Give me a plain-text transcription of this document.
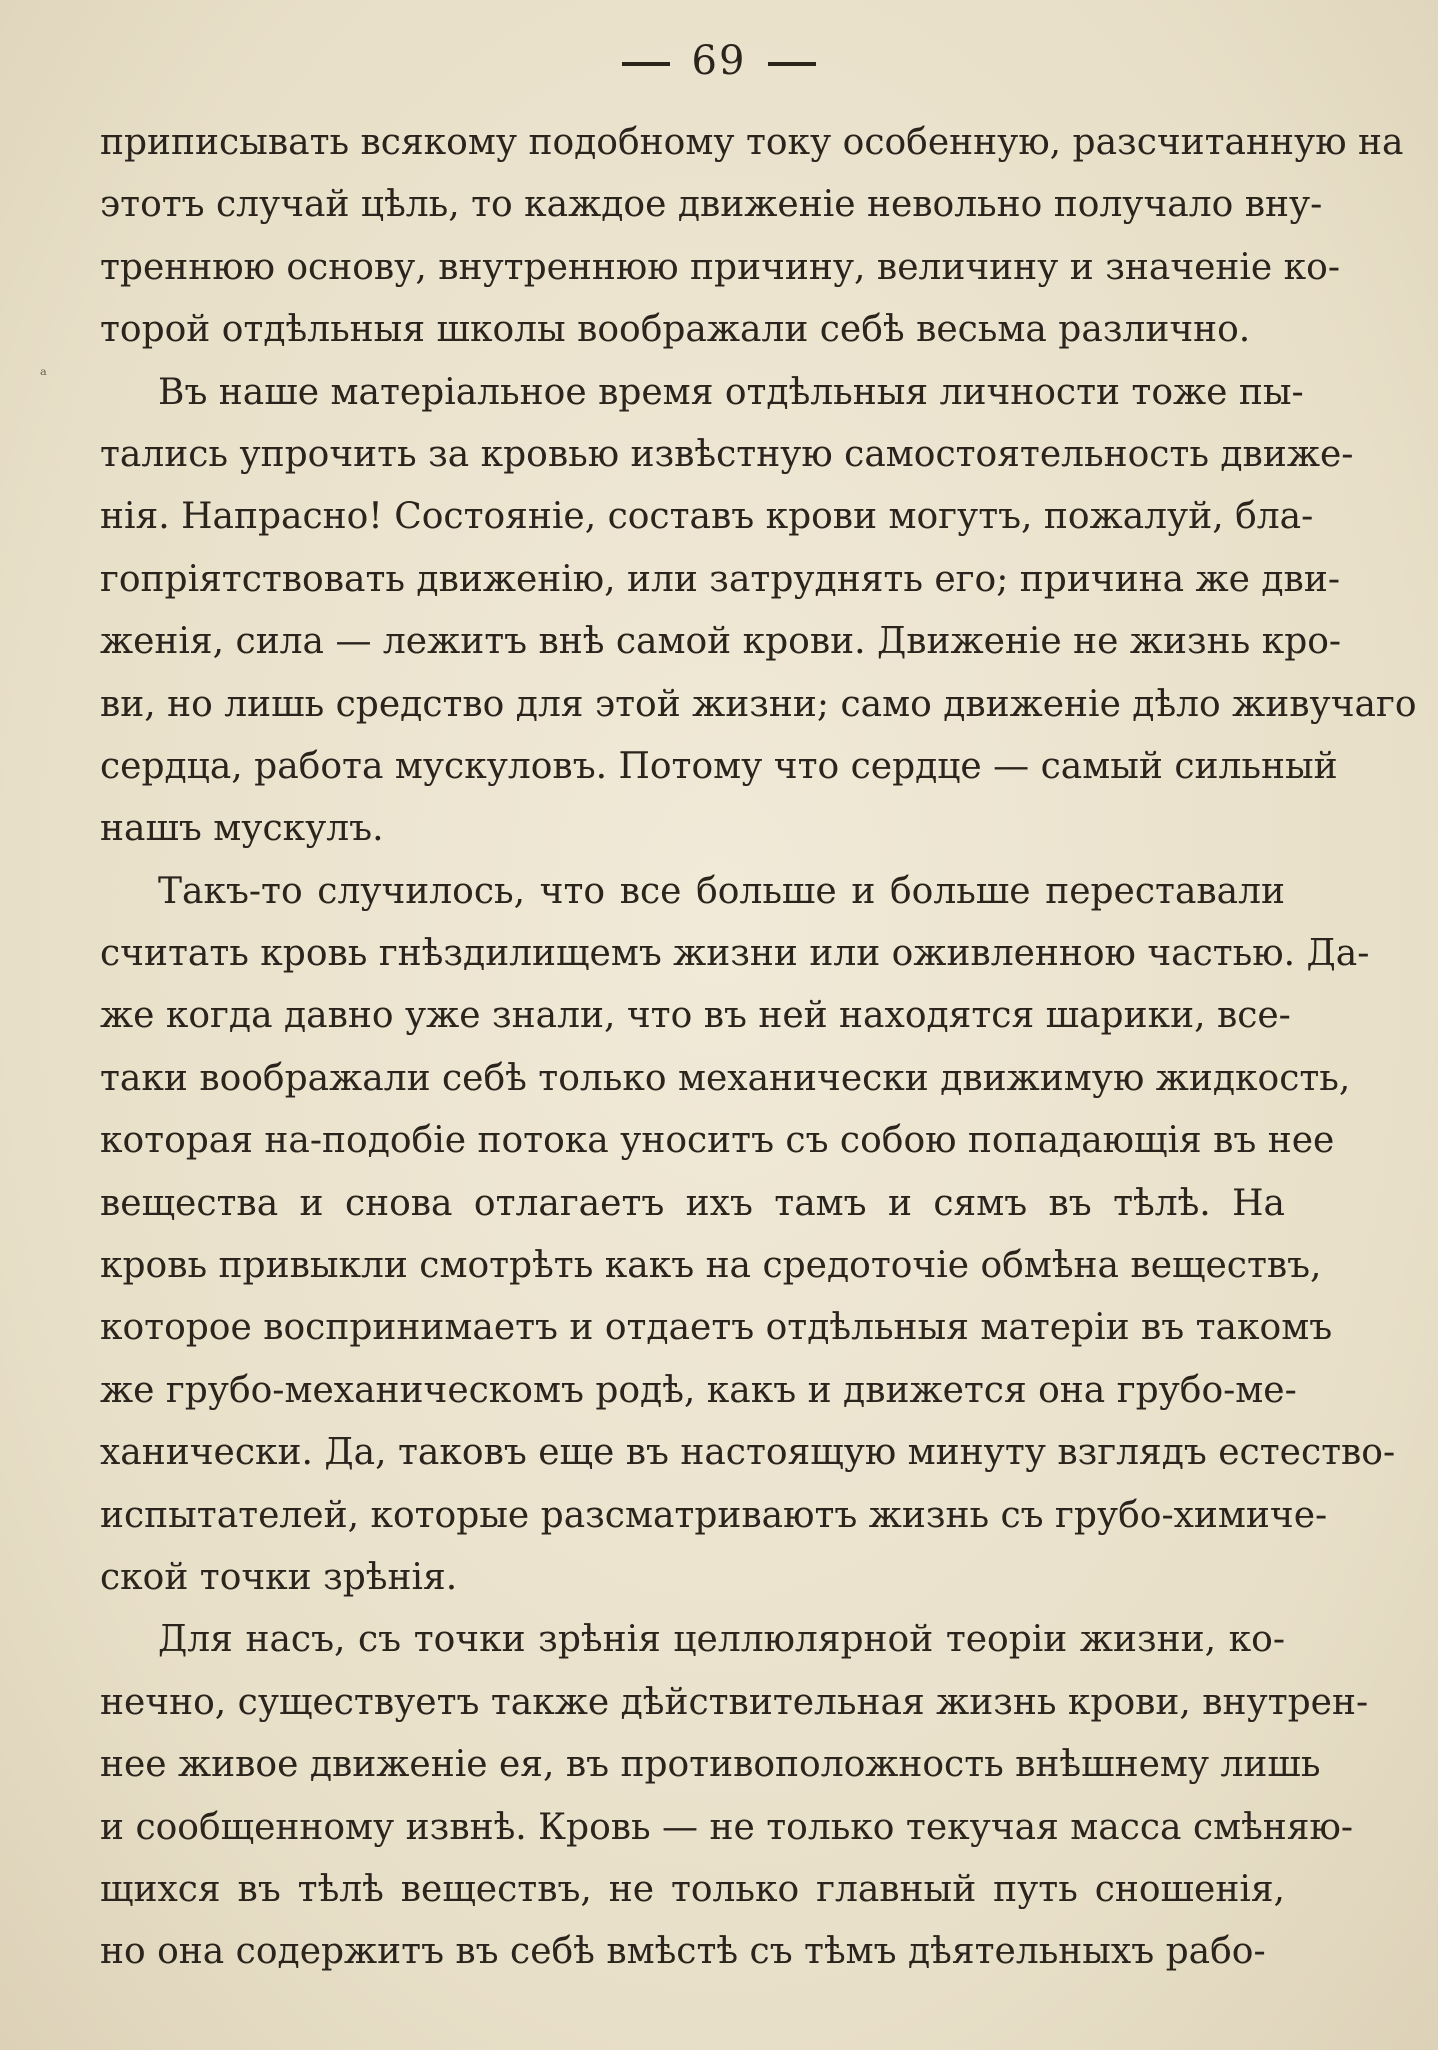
ᵃ
69
приписывать всякому подобному току особенную, разсчитанную на
этотъ случай цѣль, то каждое движеніе невольно получало вну-
треннюю основу, внутреннюю причину, величину и значеніе ко-
торой отдѣльныя школы воображали себѣ весьма различно.
Въ наше матеріальное время отдѣльныя личности тоже пы-
тались упрочить за кровью извѣстную самостоятельность движе-
нія. Напрасно! Состояніе, составъ крови могутъ, пожалуй, бла-
гопріятствовать движенію, или затруднять его; причина же дви-
женія, сила — лежитъ внѣ самой крови. Движеніе не жизнь кро-
ви, но лишь средство для этой жизни; само движеніе дѣло живучаго
сердца, работа мускуловъ. Потому что сердце — самый сильный
нашъ мускулъ.
Такъ-то случилось, что все больше и больше переставали
считать кровь гнѣздилищемъ жизни или оживленною частью. Да-
же когда давно уже знали, что въ ней находятся шарики, все-
таки воображали себѣ только механически движимую жидкость,
которая на-подобіе потока уноситъ съ собою попадающія въ нее
вещества и снова отлагаетъ ихъ тамъ и сямъ въ тѣлѣ. На
кровь привыкли смотрѣть какъ на средоточіе обмѣна веществъ,
которое воспринимаетъ и отдаетъ отдѣльныя матеріи въ такомъ
же грубо-механическомъ родѣ, какъ и движется она грубо-ме-
ханически. Да, таковъ еще въ настоящую минуту взглядъ естество-
испытателей, которые разсматриваютъ жизнь съ грубо-химиче-
ской точки зрѣнія.
Для насъ, съ точки зрѣнія целлюлярной теоріи жизни, ко-
нечно, существуетъ также дѣйствительная жизнь крови, внутрен-
нее живое движеніе ея, въ противоположность внѣшнему лишь
и сообщенному извнѣ. Кровь — не только текучая масса смѣняю-
щихся въ тѣлѣ веществъ, не только главный путь сношенія,
но она содержитъ въ себѣ вмѣстѣ съ тѣмъ дѣятельныхъ рабо-
